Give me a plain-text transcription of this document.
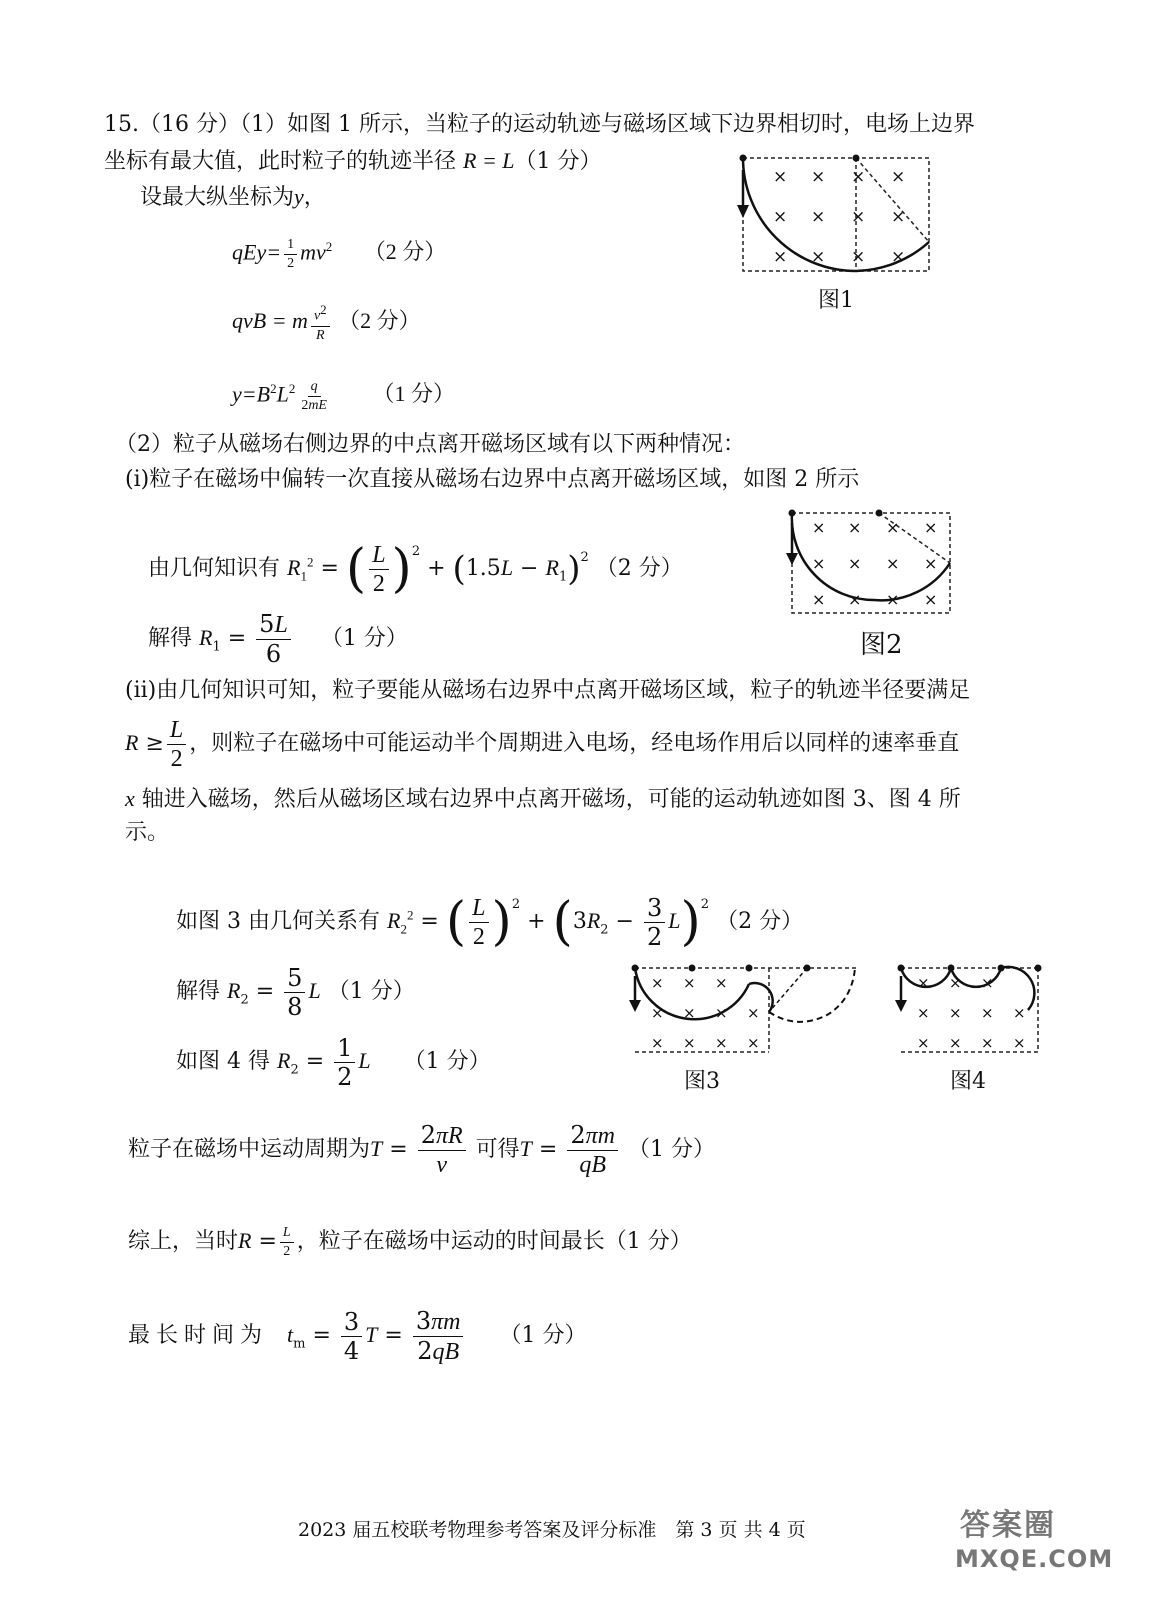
15.（16 分）（1）如图 1 所示，当粒子的运动轨迹与磁场区域下边界相切时，电场上边界
坐标有最大值，此时粒子的轨迹半径 R = L（1 分）
设最大纵坐标为y，
$qEy= \frac{1}{2} mv^2$ （2 分）
qvB = m $\frac{v^2}{R} (2$ 分）
$y=B^2L^2 \frac{q}{2mE} (1$ 分）
× × × ×
× × × ×
× × × ×
图1
（2）粒子从磁场右侧边界的中点离开磁场区域有以下两种情况：
(i)粒子在磁场中偏转一次直接从磁场右边界中点离开磁场区域，如图 2 所示
由几何知识有 $R_1^2$ = ( $\frac{L}{2} )^2 + (1.5L - R_1)^2$ （2 分）
解得 $R_1 = \frac{5L}{6} (1$ 分）
× × × ×
× × × ×
× × × ×
图2
(ii)由几何知识可知，粒子要能从磁场右边界中点离开磁场区域，粒子的轨迹半径要满足
$R \ge \frac{L}{2}$ ，则粒子在磁场中可能运动半个周期进入电场，经电场作用后以同样的速率垂直
x 轴进入磁场，然后从磁场区域右边界中点离开磁场，可能的运动轨迹如图 3、图 4 所
示。
如图 3 由几何关系有 $R_2^2$ = ( $\frac{L}{2} )^2 + (3R_2 - \frac{3}{2} L)^2$ （2 分）
解得 $R_2 = \frac{5}{8}$ L （1 分）
如图 4 得 $R_2 = \frac{1}{2}$ L （1 分）
× × ×
× × × ×
× × × ×
图3
× × ×
× × × ×
× × × ×
图4
粒子在磁场中运动周期为$T = \frac{2\pi R}{v}$ 可得$T = \frac{2\pi m}{qB} (1$ 分）
综上，当时$R = \frac{L}{2}$ ，粒子在磁场中运动的时间最长（1 分）
最长时间为 $t_m = \frac{3}{4}$ $T = \frac{3\pi m}{2qB} (1$ 分）
2023 届五校联考物理参考答案及评分标准　第 3 页 共 4 页	答案圈
MXQE.COM
